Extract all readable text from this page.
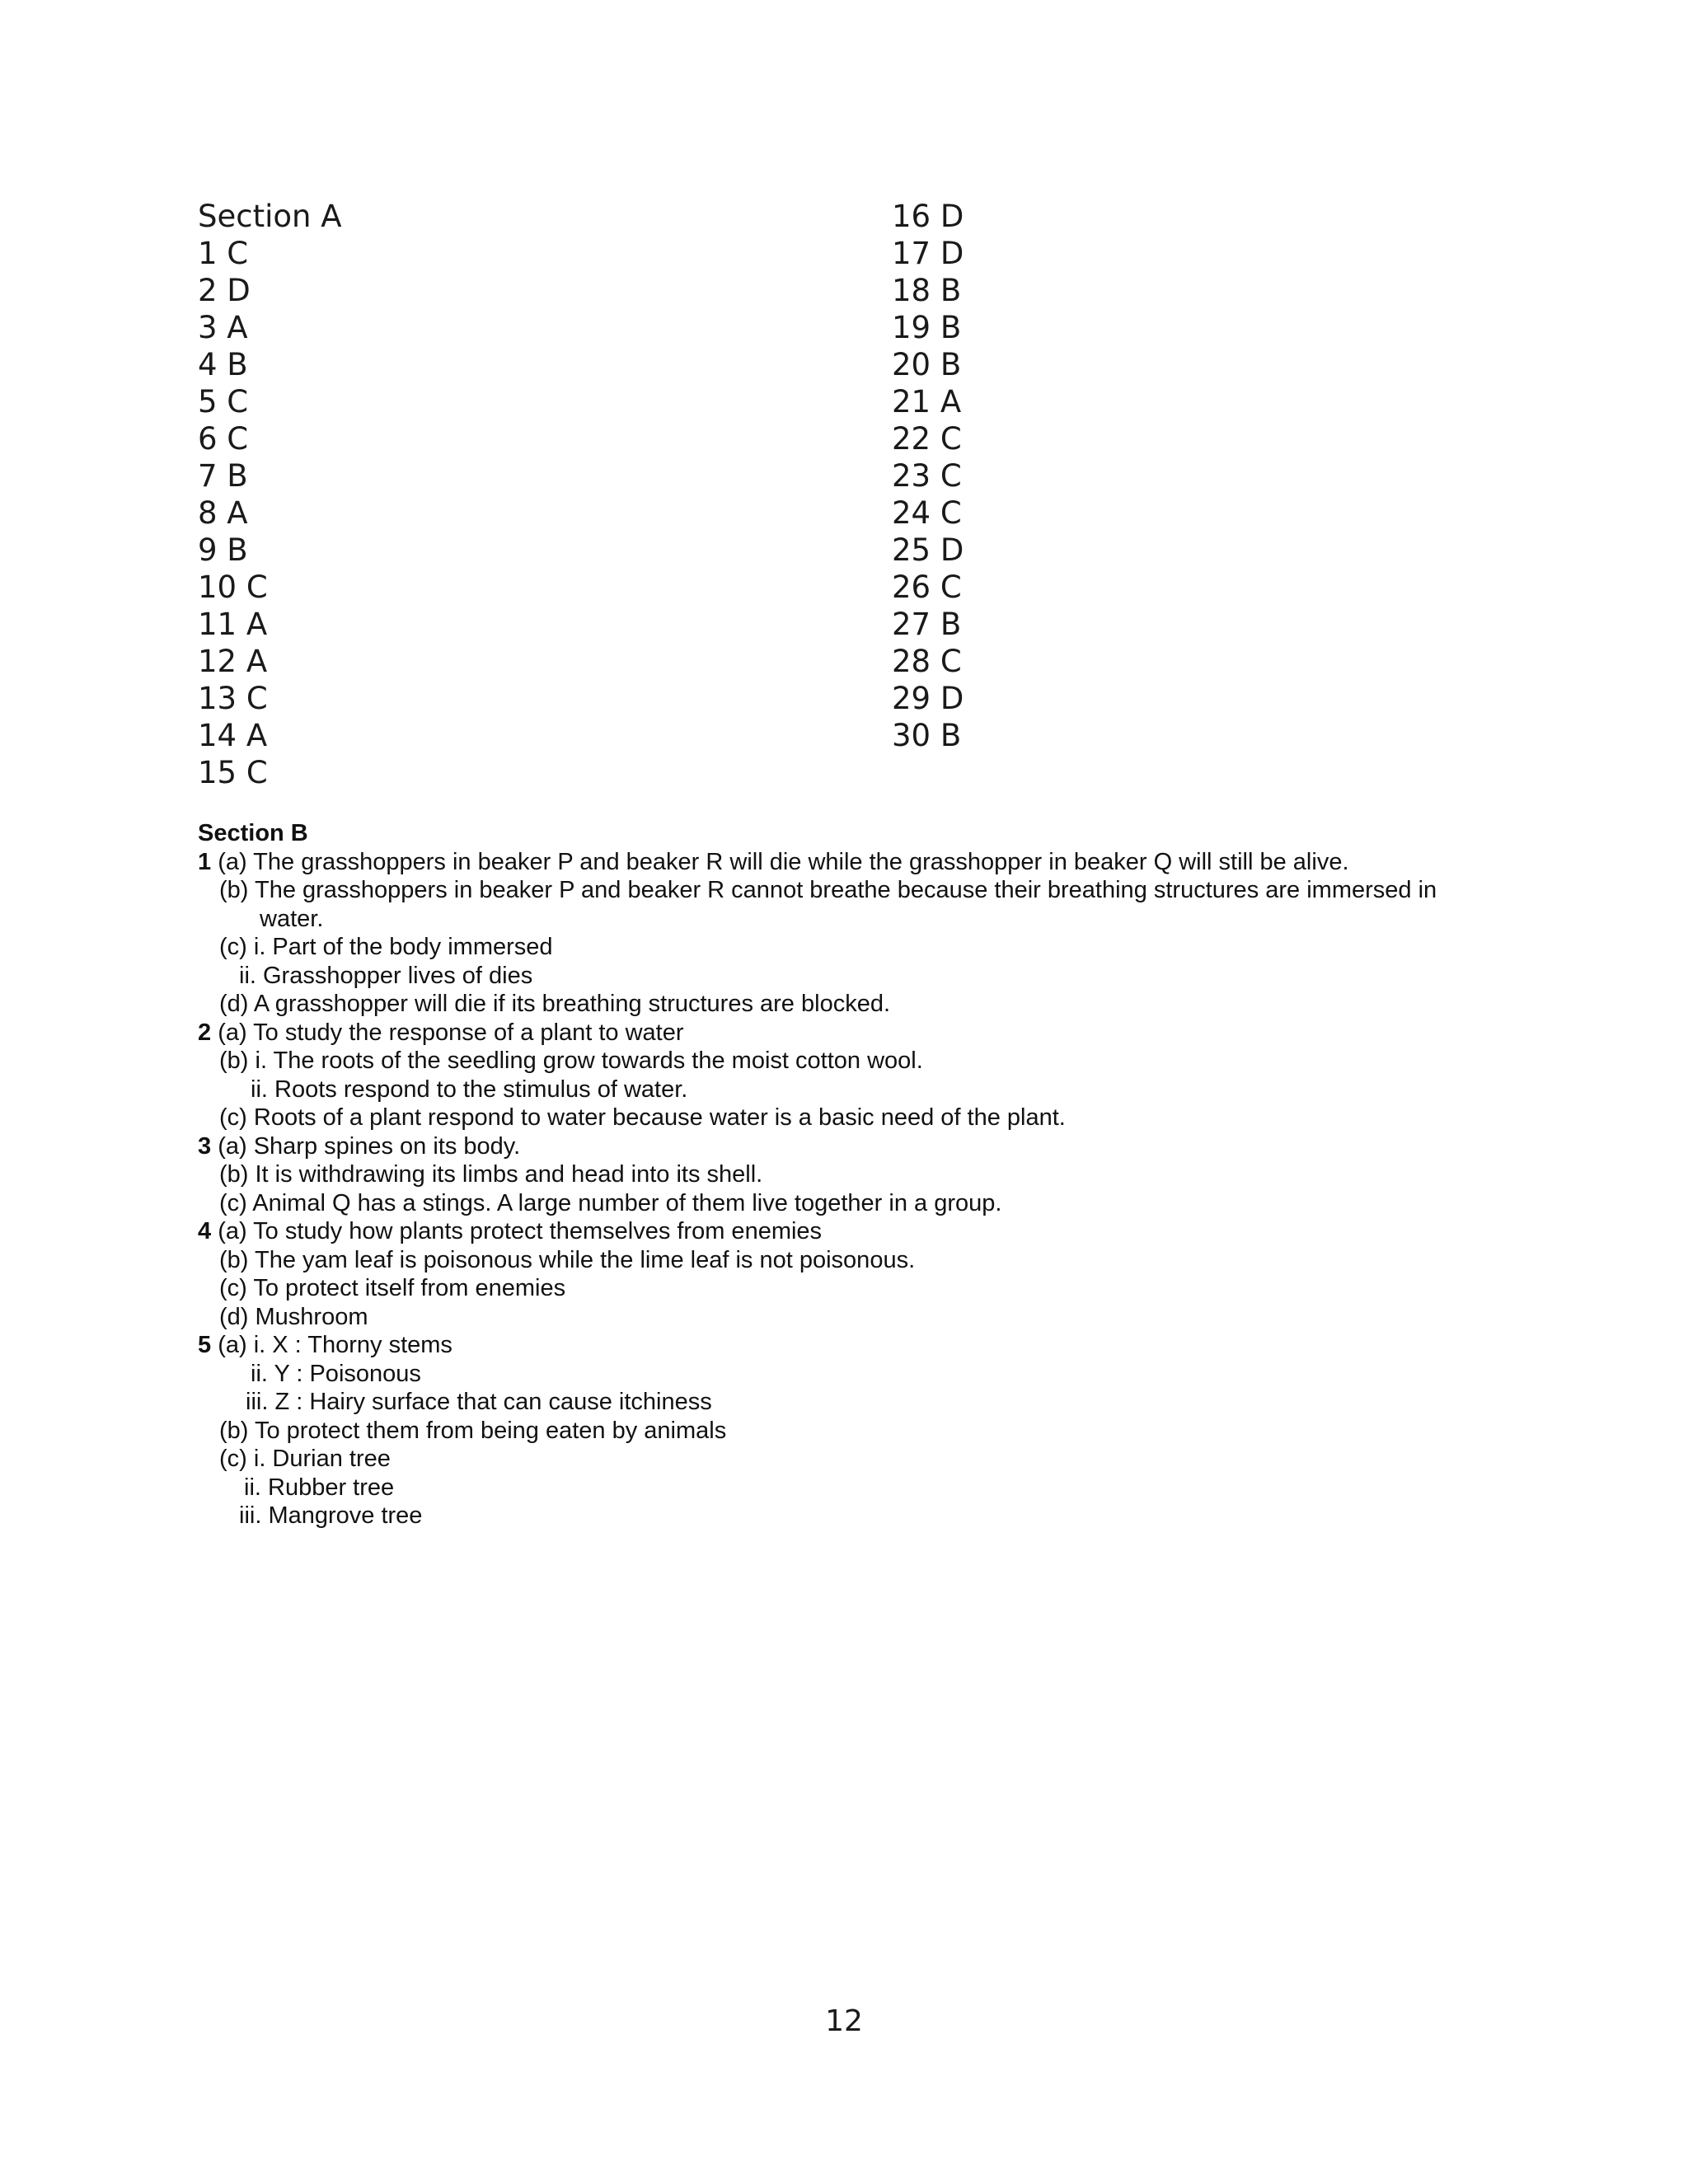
Section A
1 C
2 D
3 A
4 B
5 C
6 C
7 B
8 A
9 B
10 C
11 A
12 A
13 C
14 A
15 C
16 D
17 D
18 B
19 B
20 B
21 A
22 C
23 C
24 C
25 D
26 C
27 B
28 C
29 D
30 B
Section B
1 (a) The grasshoppers in beaker P and beaker R will die while the grasshopper in beaker Q will still be alive.
(b) The grasshoppers in beaker P and beaker R cannot breathe because their breathing structures are immersed in
water.
(c) i. Part of the body immersed
ii. Grasshopper lives of dies
(d) A grasshopper will die if its breathing structures are blocked.
2 (a) To study the response of a plant to water
(b) i. The roots of the seedling grow towards the moist cotton wool.
ii. Roots respond to the stimulus of water.
(c) Roots of a plant respond to water because water is a basic need of the plant.
3 (a) Sharp spines on its body.
(b) It is withdrawing its limbs and head into its shell.
(c) Animal Q has a stings. A large number of them live together in a group.
4 (a) To study how plants protect themselves from enemies
(b) The yam leaf is poisonous while the lime leaf is not poisonous.
(c) To protect itself from enemies
(d) Mushroom
5 (a) i. X : Thorny stems
ii. Y : Poisonous
iii. Z : Hairy surface that can cause itchiness
(b) To protect them from being eaten by animals
(c) i. Durian tree
ii. Rubber tree
iii. Mangrove tree
12
